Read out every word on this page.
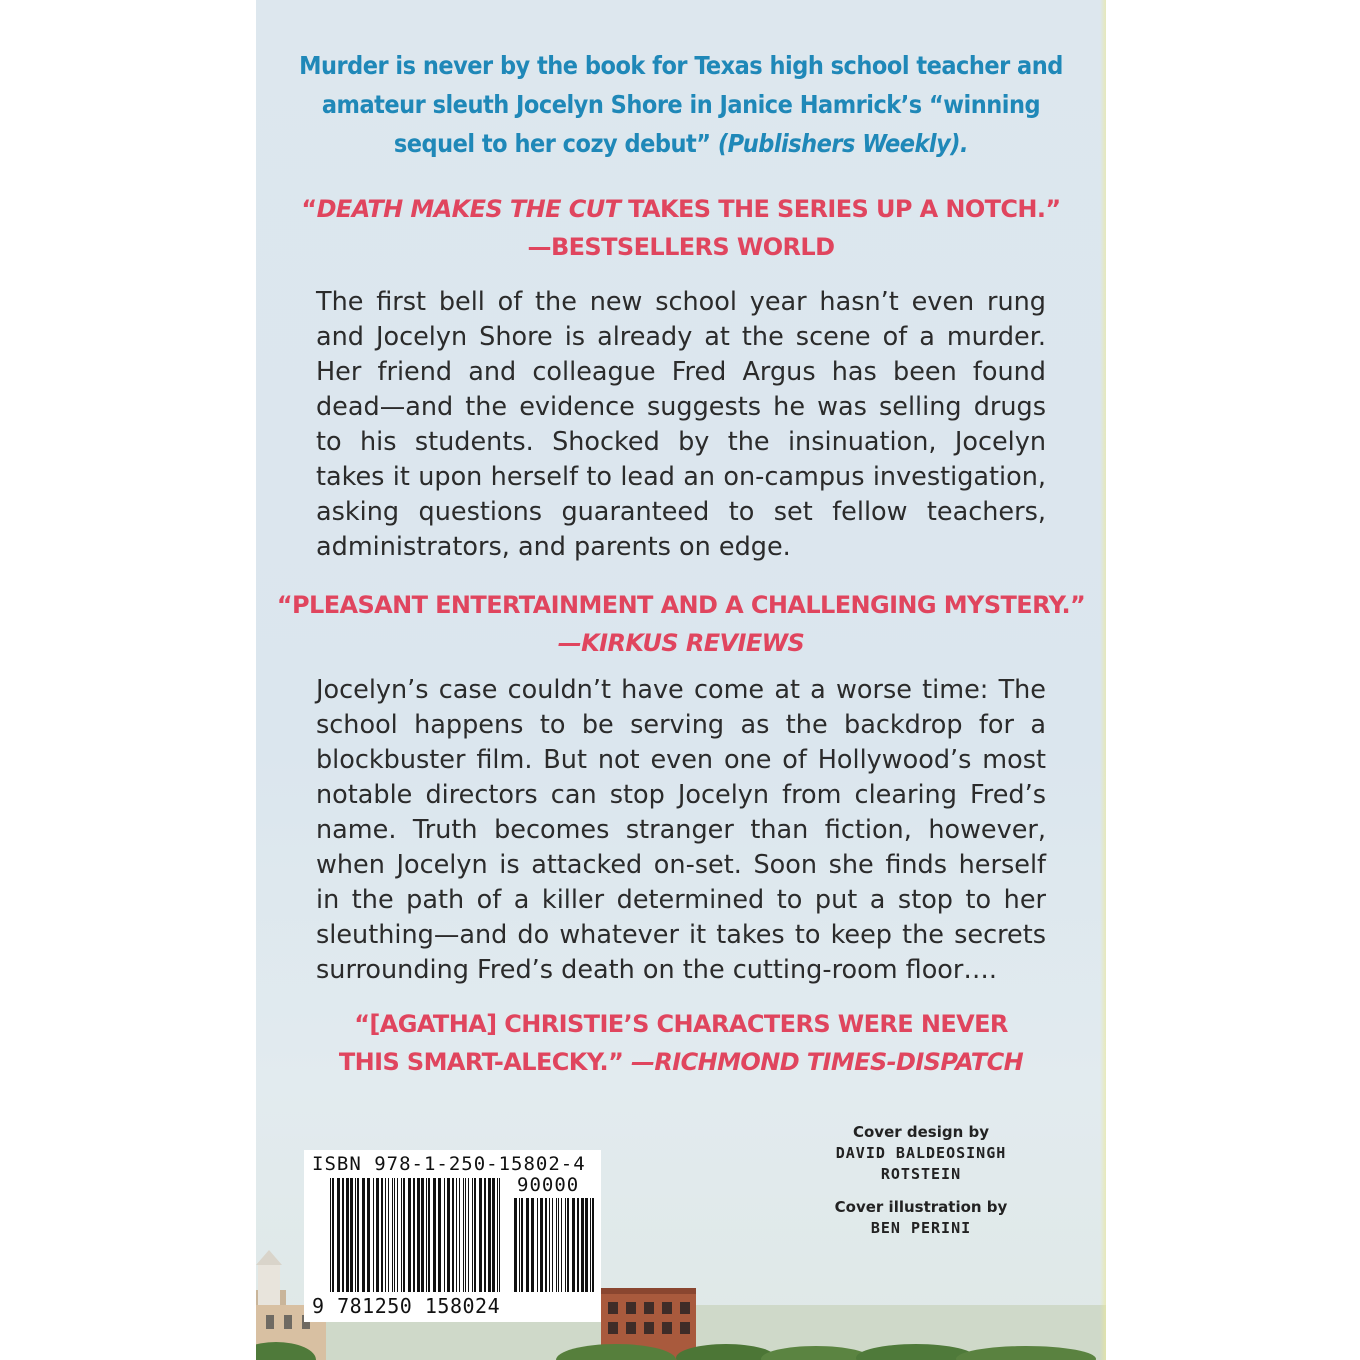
Murder is never by the book for Texas high school teacher and
amateur sleuth Jocelyn Shore in Janice Hamrick’s “winning
sequel to her cozy debut” (Publishers Weekly).
“DEATH MAKES THE CUT TAKES THE SERIES UP A NOTCH.”
—BESTSELLERS WORLD
The first bell of the new school year hasn’t even rung and Jocelyn Shore is already at the scene of a murder. Her friend and colleague Fred Argus has been found dead—and the evidence suggests he was selling drugs to his students. Shocked by the insinuation, Jocelyn takes it upon herself to lead an on-campus investigation, asking questions guaranteed to set fellow teachers, administrators, and parents on edge.
“PLEASANT ENTERTAINMENT AND A CHALLENGING MYSTERY.”
—KIRKUS REVIEWS
Jocelyn’s case couldn’t have come at a worse time: The school happens to be serving as the backdrop for a blockbuster film. But not even one of Hollywood’s most notable directors can stop Jocelyn from clearing Fred’s name. Truth becomes stranger than fiction, however, when Jocelyn is attacked on-set. Soon she finds herself in the path of a killer determined to put a stop to her sleuthing—and do whatever it takes to keep the secrets surrounding Fred’s death on the cutting-room floor….
“[AGATHA] CHRISTIE’S CHARACTERS WERE NEVER
THIS SMART-ALECKY.” —RICHMOND TIMES-DISPATCH
ISBN 978-1-250-15802-4
90000
9 781250 158024
Cover design by
DAVID BALDEOSINGH
ROTSTEIN
Cover illustration by
BEN PERINI
